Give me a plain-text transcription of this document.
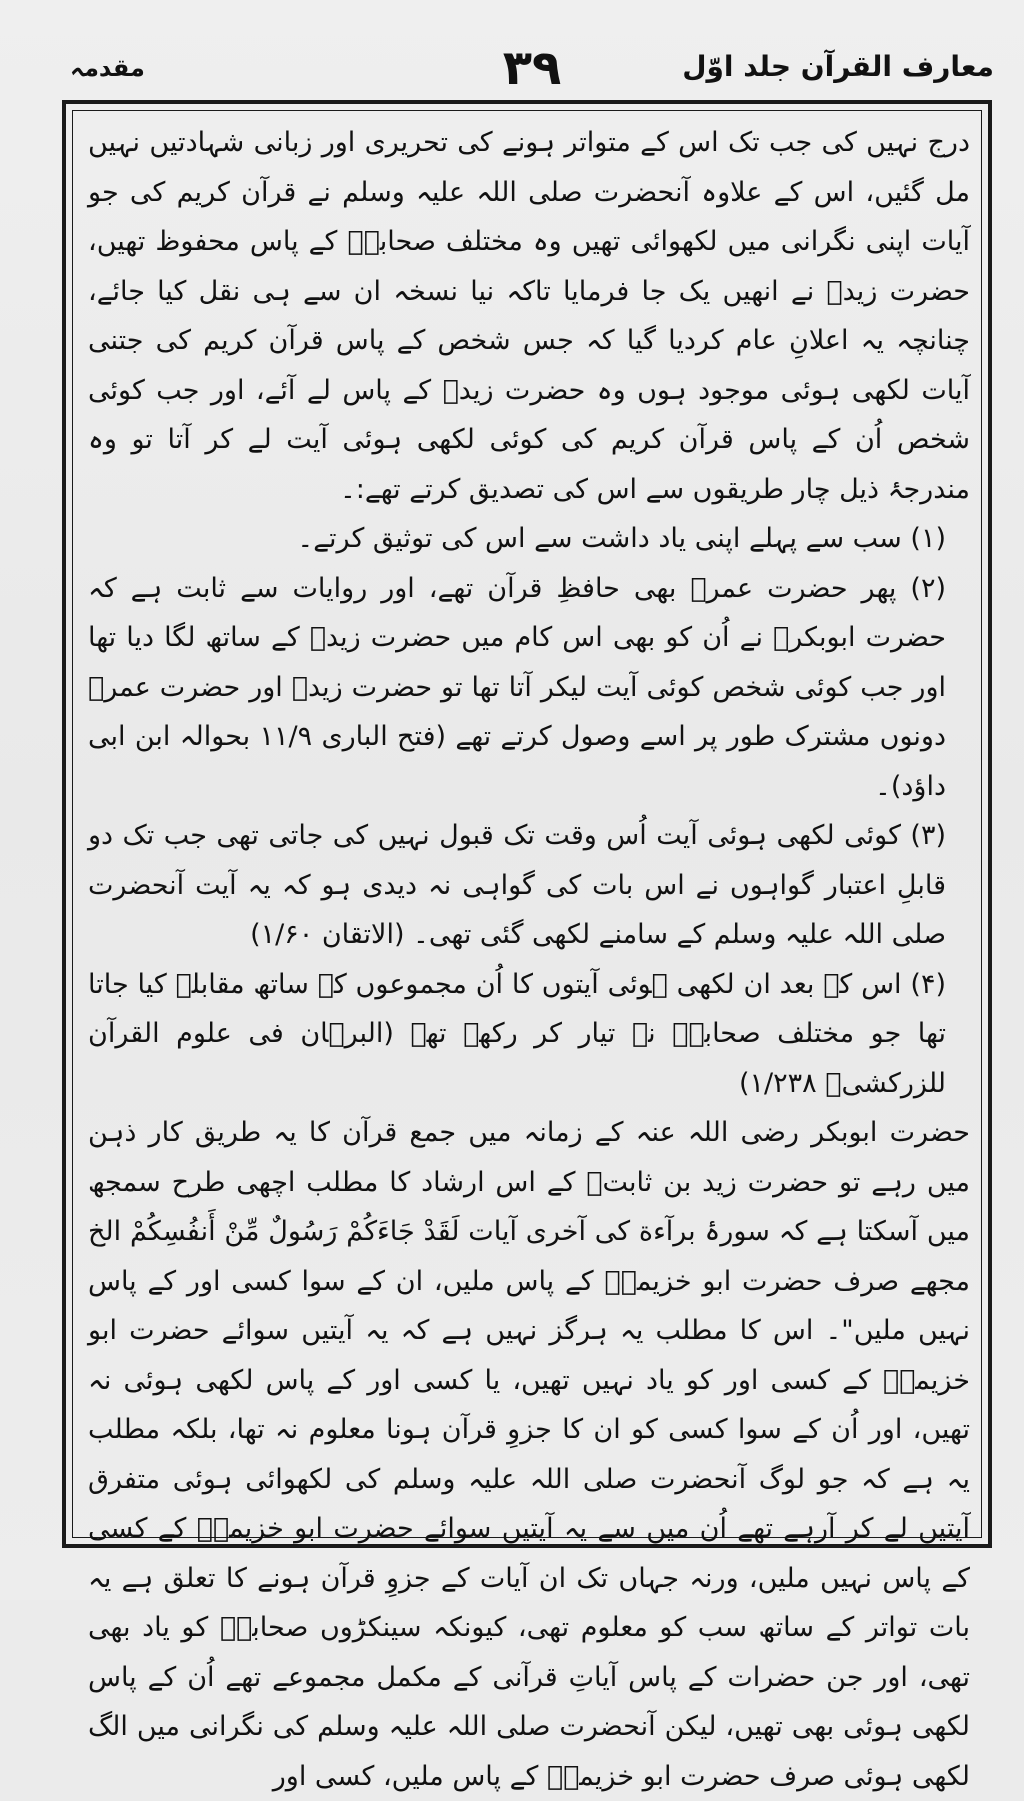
معارف القرآن جلد اوّل
۳۹
مقدمہ

درج نہیں کی جب تک اس کے متواتر ہونے کی تحریری اور زبانی شہادتیں نہیں مل گئیں، اس کے علاوہ آنحضرت صلی اللہ علیہ وسلم نے قرآن کریم کی جو آیات اپنی نگرانی میں لکھوائی تھیں وہ مختلف صحابہؓ کے پاس محفوظ تھیں، حضرت زیدؓ نے انھیں یک جا فرمایا تاکہ نیا نسخہ ان سے ہی نقل کیا جائے، چنانچہ یہ اعلانِ عام کردیا گیا کہ جس شخص کے پاس قرآن کریم کی جتنی آیات لکھی ہوئی موجود ہوں وہ حضرت زیدؓ کے پاس لے آئے، اور جب کوئی شخص اُن کے پاس قرآن کریم کی کوئی لکھی ہوئی آیت لے کر آتا تو وہ مندرجۂ ذیل چار طریقوں سے اس کی تصدیق کرتے تھے:۔

(۱) سب سے پہلے اپنی یاد داشت سے اس کی توثیق کرتے۔

(۲) پھر حضرت عمرؓ بھی حافظِ قرآن تھے، اور روایات سے ثابت ہے کہ حضرت ابوبکرؓ نے اُن کو بھی اس کام میں حضرت زیدؓ کے ساتھ لگا دیا تھا اور جب کوئی شخص کوئی آیت لیکر آتا تھا تو حضرت زیدؓ اور حضرت عمرؓ دونوں مشترک طور پر اسے وصول کرتے تھے (فتح الباری ۱۱/۹ بحوالہ ابن ابی داؤد)۔

(۳) کوئی لکھی ہوئی آیت اُس وقت تک قبول نہیں کی جاتی تھی جب تک دو قابلِ اعتبار گواہوں نے اس بات کی گواہی نہ دیدی ہو کہ یہ آیت آنحضرت صلی اللہ علیہ وسلم کے سامنے لکھی گئی تھی۔ (الاتقان ۱/۶۰)

(۴) اس کے بعد ان لکھی ہوئی آیتوں کا اُن مجموعوں کے ساتھ مقابلہ کیا جاتا تھا جو مختلف صحابہؓ نے تیار کر رکھے تھے (البرہان فی علوم القرآن للزرکشیؒ ۱/۲۳۸)

حضرت ابوبکر رضی اللہ عنہ کے زمانہ میں جمع قرآن کا یہ طریق کار ذہن میں رہے تو حضرت زید بن ثابتؓ کے اس ارشاد کا مطلب اچھی طرح سمجھ میں آسکتا ہے کہ سورۂ برآءة کی آخری آیات لَقَدْ جَاءَكُمْ رَسُولٌ مِّنْ أَنفُسِكُمْ الخ مجھے صرف حضرت ابو خزیمہؓ کے پاس ملیں، ان کے سوا کسی اور کے پاس نہیں ملیں"۔ اس کا مطلب یہ ہرگز نہیں ہے کہ یہ آیتیں سوائے حضرت ابو خزیمہؓ کے کسی اور کو یاد نہیں تھیں، یا کسی اور کے پاس لکھی ہوئی نہ تھیں، اور اُن کے سوا کسی کو ان کا جزوِ قرآن ہونا معلوم نہ تھا، بلکہ مطلب یہ ہے کہ جو لوگ آنحضرت صلی اللہ علیہ وسلم کی لکھوائی ہوئی متفرق آیتیں لے کر آرہے تھے اُن میں سے یہ آیتیں سوائے حضرت ابو خزیمہؓ کے کسی کے پاس نہیں ملیں، ورنہ جہاں تک ان آیات کے جزوِ قرآن ہونے کا تعلق ہے یہ بات تواتر کے ساتھ سب کو معلوم تھی، کیونکہ سینکڑوں صحابہؓ کو یاد بھی تھی، اور جن حضرات کے پاس آیاتِ قرآنی کے مکمل مجموعے تھے اُن کے پاس لکھی ہوئی بھی تھیں، لیکن آنحضرت صلی اللہ علیہ وسلم کی نگرانی میں الگ لکھی ہوئی صرف حضرت ابو خزیمہؓ کے پاس ملیں، کسی اور
